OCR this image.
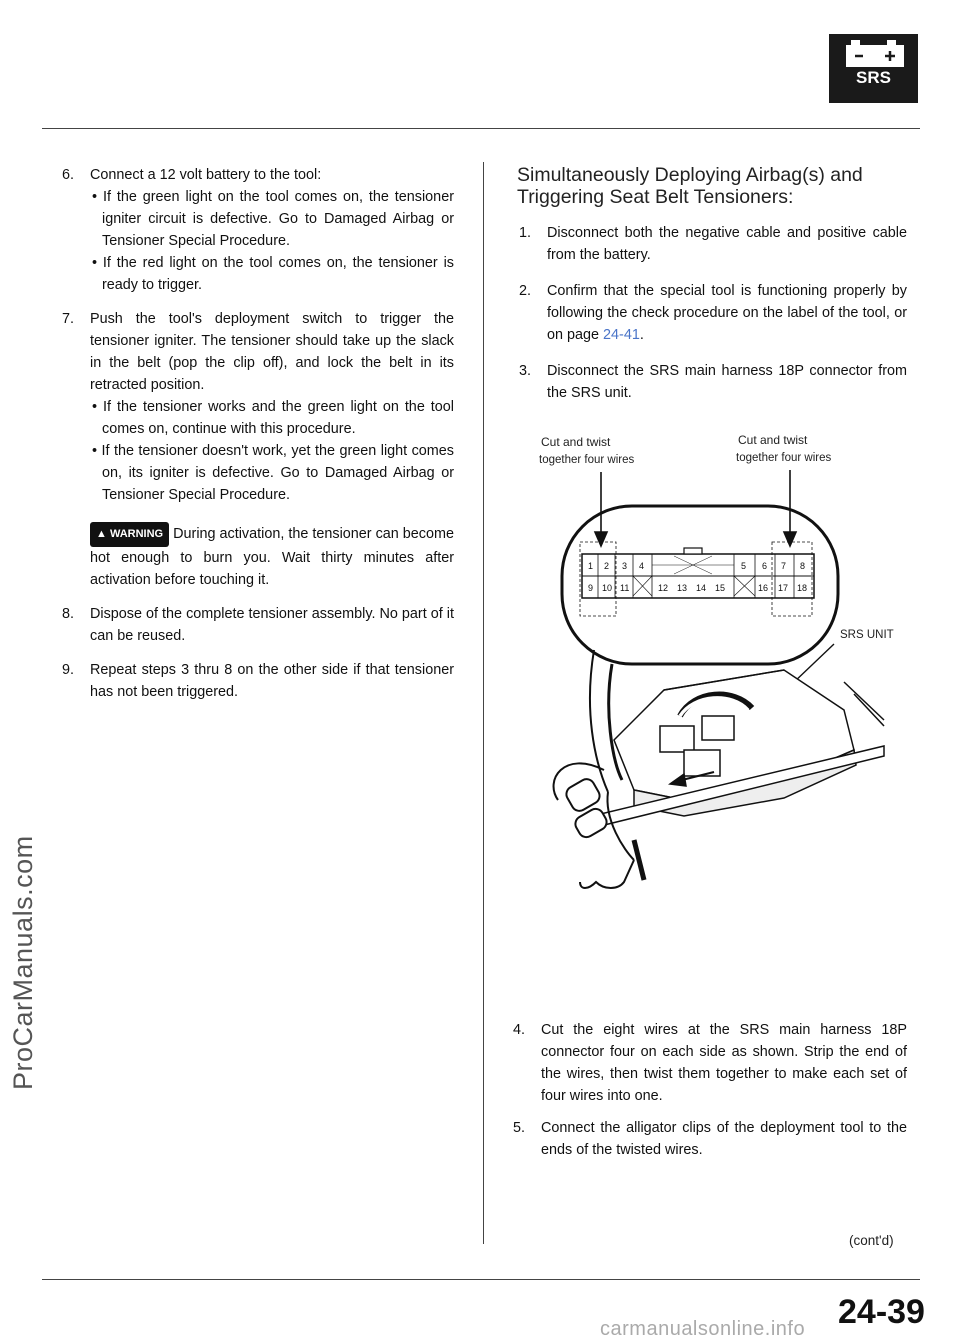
SRS
ProCarManuals.com
6.	Connect a 12 volt battery to the tool:
• If the green light on the tool comes on, the tensioner igniter circuit is defective. Go to Damaged Airbag or Tensioner Special Procedure.
• If the red light on the tool comes on, the tensioner is ready to trigger.
7.	Push the tool's deployment switch to trigger the tensioner igniter. The tensioner should take up the slack in the belt (pop the clip off), and lock the belt in its retracted position.
• If the tensioner works and the green light on the tool comes on, continue with this procedure.
• If the tensioner doesn't work, yet the green light comes on, its igniter is defective. Go to Damaged Airbag or Tensioner Special Procedure.
▲ WARNING During activation, the tensioner can become hot enough to burn you. Wait thirty minutes after activation before touching it.
8.	Dispose of the complete tensioner assembly. No part of it can be reused.
9.	Repeat steps 3 thru 8 on the other side if that tensioner has not been triggered.
Simultaneously Deploying Airbag(s) and Triggering Seat Belt Tensioners:
1.	Disconnect both the negative cable and positive cable from the battery.
2.	Confirm that the special tool is functioning properly by following the check procedure on the label of the tool, or on page 24-41.
3.	Disconnect the SRS main harness 18P connector from the SRS unit.
Cut and twist
together four wires
Cut and twist
together four wires
1 2 3 4	5 6 7 8
9 10 11	12 13 14 15	16 17 18
SRS UNIT
4.	Cut the eight wires at the SRS main harness 18P connector four on each side as shown. Strip the end of the wires, then twist them together to make each set of four wires into one.
5.	Connect the alligator clips of the deployment tool to the ends of the twisted wires.
(cont'd)
carmanualsonline.info 24-39
